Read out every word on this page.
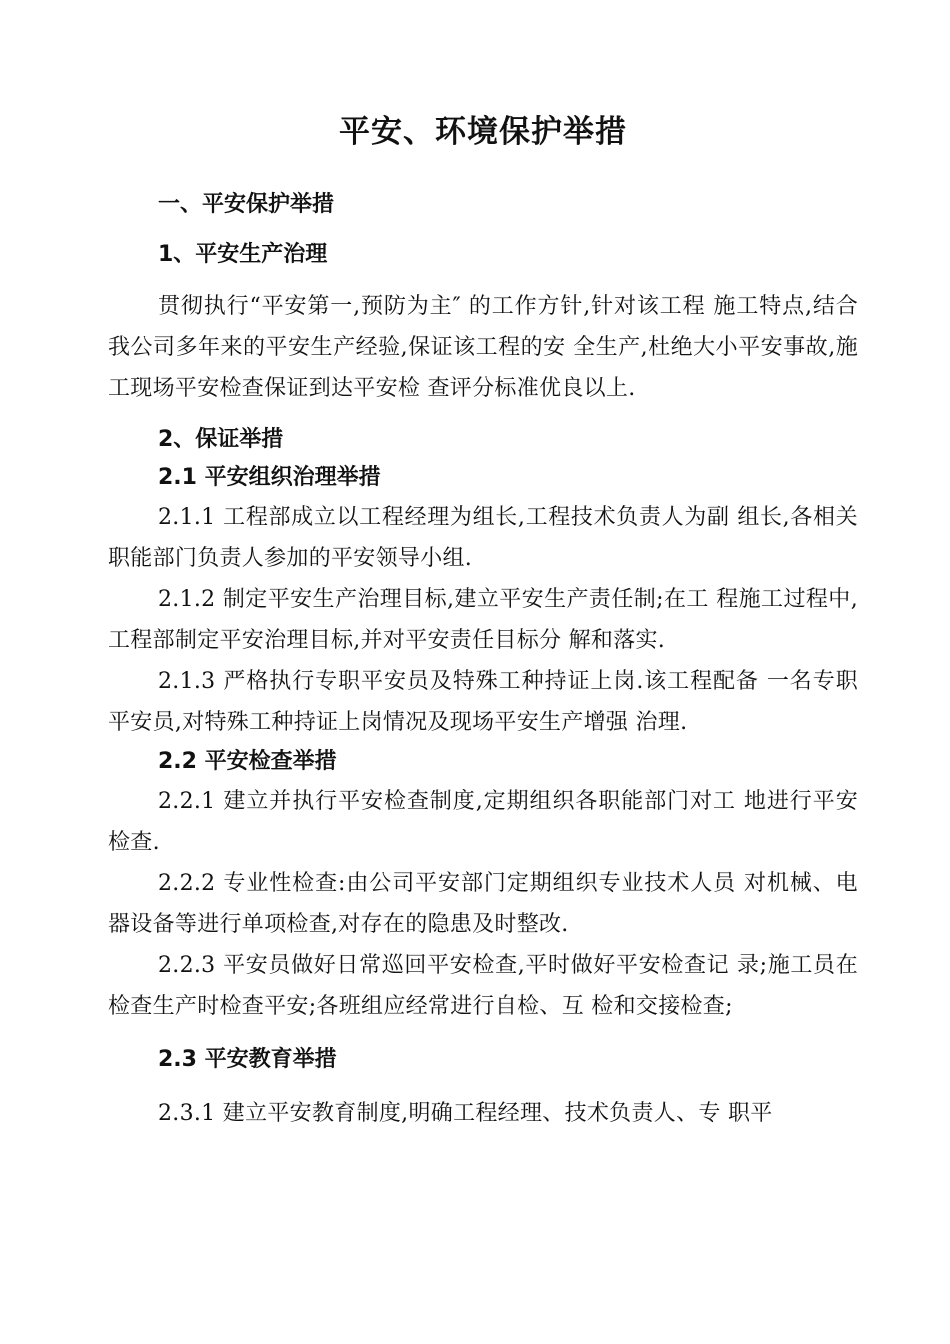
平安、环境保护举措
一、平安保护举措
1、平安生产治理

贯彻执行“平安第一,预防为主″ 的工作方针,针对该工程 施工特点,结合我公司多年来的平安生产经验,保证该工程的安 全生产,杜绝大小平安事故,施工现场平安检查保证到达平安检 查评分标准优良以上.

2、保证举措
2.1 平安组织治理举措

2.1.1 工程部成立以工程经理为组长,工程技术负责人为副 组长,各相关职能部门负责人参加的平安领导小组.

2.1.2 制定平安生产治理目标,建立平安生产责任制;在工 程施工过程中,工程部制定平安治理目标,并对平安责任目标分 解和落实.

2.1.3 严格执行专职平安员及特殊工种持证上岗.该工程配备 一名专职平安员,对特殊工种持证上岗情况及现场平安生产增强 治理.

2.2 平安检查举措

2.2.1 建立并执行平安检查制度,定期组织各职能部门对工 地进行平安检查.

2.2.2 专业性检查:由公司平安部门定期组织专业技术人员 对机械、电器设备等进行单项检查,对存在的隐患及时整改.

2.2.3 平安员做好日常巡回平安检查,平时做好平安检查记 录;施工员在检查生产时检查平安;各班组应经常进行自检、互 检和交接检查;

2.3 平安教育举措

2.3.1 建立平安教育制度,明确工程经理、技术负责人、专 职平
